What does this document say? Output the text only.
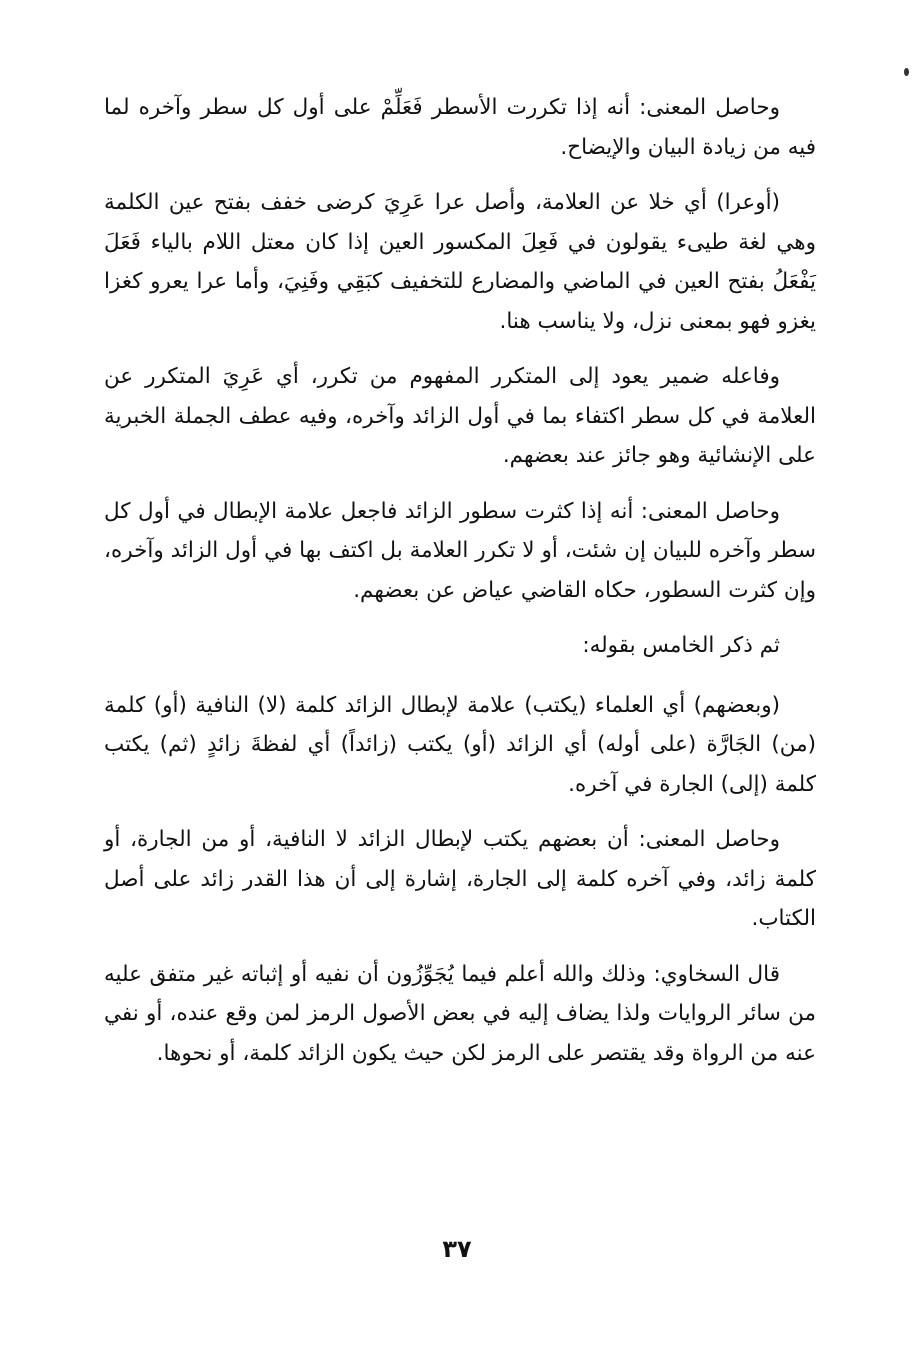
وحاصل المعنى: أنه إذا تكررت الأسطر فَعَلِّمْ على أول كل سطر وآخره لما فيه من زيادة البيان والإيضاح.

(أوعرا) أي خلا عن العلامة، وأصل عرا عَرِيَ كرضى خفف بفتح عين الكلمة وهي لغة طيىء يقولون في فَعِلَ المكسور العين إذا كان معتل اللام بالياء فَعَلَ يَفْعَلُ بفتح العين في الماضي والمضارع للتخفيف كبَقِي وفَنِيَ، وأما عرا يعرو كغزا يغزو فهو بمعنى نزل، ولا يناسب هنا.

وفاعله ضمير يعود إلى المتكرر المفهوم من تكرر، أي عَرِيَ المتكرر عن العلامة في كل سطر اكتفاء بما في أول الزائد وآخره، وفيه عطف الجملة الخبرية على الإنشائية وهو جائز عند بعضهم.

وحاصل المعنى: أنه إذا كثرت سطور الزائد فاجعل علامة الإبطال في أول كل سطر وآخره للبيان إن شئت، أو لا تكرر العلامة بل اكتف بها في أول الزائد وآخره، وإن كثرت السطور، حكاه القاضي عياض عن بعضهم.

ثم ذكر الخامس بقوله:

(وبعضهم) أي العلماء (يكتب) علامة لإبطال الزائد كلمة (لا) النافية (أو) كلمة (من) الجَارَّة (على أوله) أي الزائد (أو) يكتب (زائداً) أي لفظةَ زائدٍ (ثم) يكتب كلمة (إلى) الجارة في آخره.

وحاصل المعنى: أن بعضهم يكتب لإبطال الزائد لا النافية، أو من الجارة، أو كلمة زائد، وفي آخره كلمة إلى الجارة، إشارة إلى أن هذا القدر زائد على أصل الكتاب.

قال السخاوي: وذلك والله أعلم فيما يُجَوِّزُون أن نفيه أو إثباته غير متفق عليه من سائر الروايات ولذا يضاف إليه في بعض الأصول الرمز لمن وقع عنده، أو نفي عنه من الرواة وقد يقتصر على الرمز لكن حيث يكون الزائد كلمة، أو نحوها.

٣٧
